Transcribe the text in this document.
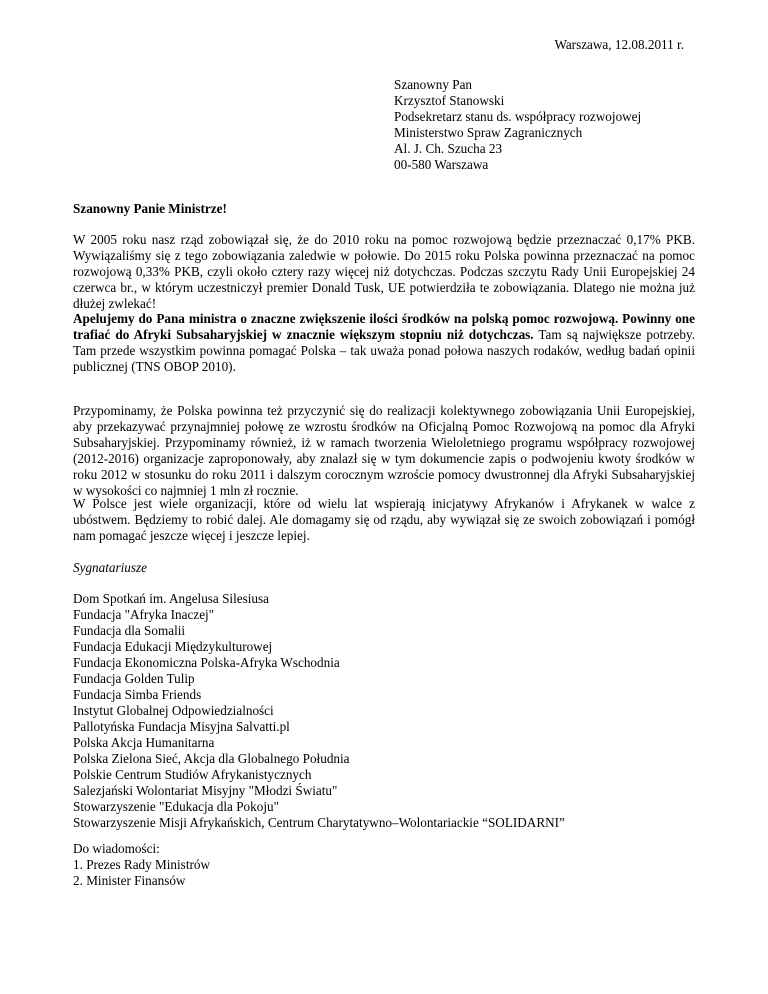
Warszawa, 12.08.2011 r.
Szanowny Pan
Krzysztof Stanowski
Podsekretarz stanu ds. współpracy rozwojowej
Ministerstwo Spraw Zagranicznych
Al. J. Ch. Szucha 23
00-580 Warszawa
Szanowny Panie Ministrze!

W 2005 roku nasz rząd zobowiązał się, że do 2010 roku na pomoc rozwojową będzie przeznaczać 0,17% PKB. Wywiązaliśmy się z tego zobowiązania zaledwie w połowie. Do 2015 roku Polska powinna przeznaczać na pomoc rozwojową 0,33% PKB, czyli około cztery razy więcej niż dotychczas. Podczas szczytu Rady Unii Europejskiej 24 czerwca br., w którym uczestniczył premier Donald Tusk, UE potwierdziła te zobowiązania. Dlatego nie można już dłużej zwlekać!

Apelujemy do Pana ministra o znaczne zwiększenie ilości środków na polską pomoc rozwojową. Powinny one trafiać do Afryki Subsaharyjskiej w znacznie większym stopniu niż dotychczas. Tam są największe potrzeby. Tam przede wszystkim powinna pomagać Polska – tak uważa ponad połowa naszych rodaków, według badań opinii publicznej (TNS OBOP 2010).

Przypominamy, że Polska powinna też przyczynić się do realizacji kolektywnego zobowiązania Unii Europejskiej, aby przekazywać przynajmniej połowę ze wzrostu środków na Oficjalną Pomoc Rozwojową na pomoc dla Afryki Subsaharyjskiej. Przypominamy również, iż w ramach tworzenia Wieloletniego programu współpracy rozwojowej (2012-2016) organizacje zaproponowały, aby znalazł się w tym dokumencie zapis o podwojeniu kwoty środków w roku 2012 w stosunku do roku 2011 i dalszym corocznym wzroście pomocy dwustronnej dla Afryki Subsaharyjskiej w wysokości co najmniej 1 mln zł rocznie.

W Polsce jest wiele organizacji, które od wielu lat wspierają inicjatywy Afrykanów i Afrykanek w walce z ubóstwem. Będziemy to robić dalej. Ale domagamy się od rządu, aby wywiązał się ze swoich zobowiązań i pomógł nam pomagać jeszcze więcej i jeszcze lepiej.

Sygnatariusze
Dom Spotkań im. Angelusa Silesiusa
Fundacja "Afryka Inaczej"
Fundacja dla Somalii
Fundacja Edukacji Międzykulturowej
Fundacja Ekonomiczna Polska-Afryka Wschodnia
Fundacja Golden Tulip
Fundacja Simba Friends
Instytut Globalnej Odpowiedzialności
Pallotyńska Fundacja Misyjna Salvatti.pl
Polska Akcja Humanitarna
Polska Zielona Sieć, Akcja dla Globalnego Południa
Polskie Centrum Studiów Afrykanistycznych
Salezjański Wolontariat Misyjny "Młodzi Światu"
Stowarzyszenie "Edukacja dla Pokoju"
Stowarzyszenie Misji Afrykańskich, Centrum Charytatywno–Wolontariackie “SOLIDARNI”
Do wiadomości:
1. Prezes Rady Ministrów
2. Minister Finansów
